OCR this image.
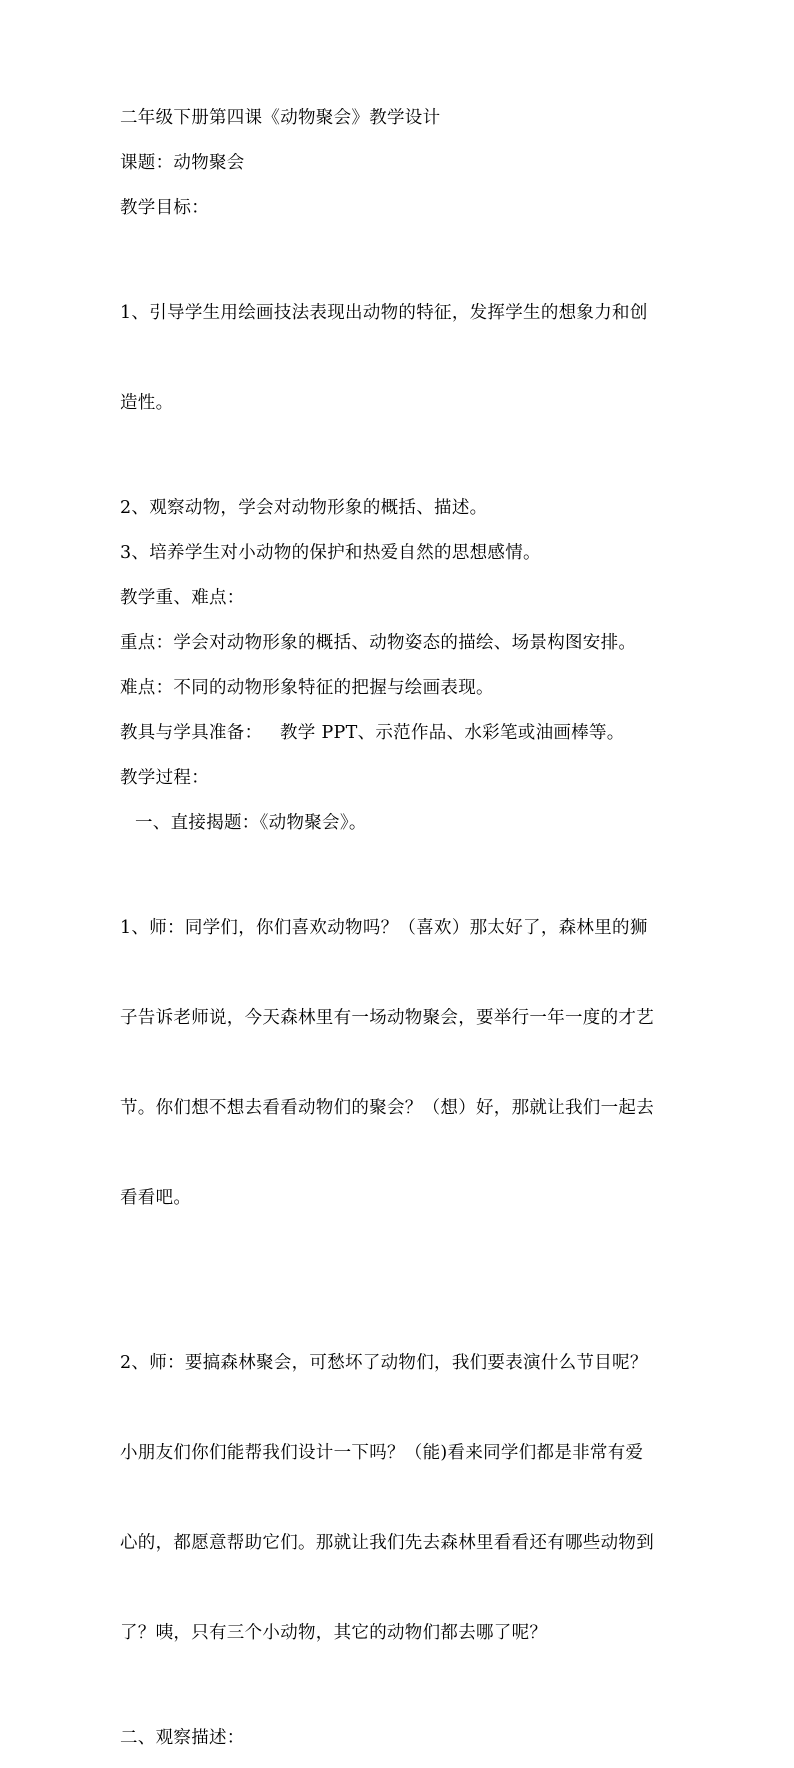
二年级下册第四课《动物聚会》教学设计

课题：动物聚会

教学目标：

1、引导学生用绘画技法表现出动物的特征，发挥学生的想象力和创

造性。

2、观察动物，学会对动物形象的概括、描述。

3、培养学生对小动物的保护和热爱自然的思想感情。

教学重、难点：

重点：学会对动物形象的概括、动物姿态的描绘、场景构图安排。

难点：不同的动物形象特征的把握与绘画表现。

教具与学具准备：   教学 PPT、示范作品、水彩笔或油画棒等。

教学过程：

一、直接揭题：《动物聚会》。

1、师：同学们，你们喜欢动物吗？（喜欢）那太好了，森林里的狮

子告诉老师说，今天森林里有一场动物聚会，要举行一年一度的才艺

节。你们想不想去看看动物们的聚会？（想）好，那就让我们一起去

看看吧。

2、师：要搞森林聚会，可愁坏了动物们，我们要表演什么节目呢？

小朋友们你们能帮我们设计一下吗？（能)看来同学们都是非常有爱

心的，都愿意帮助它们。那就让我们先去森林里看看还有哪些动物到

了？咦，只有三个小动物，其它的动物们都去哪了呢？

二、观察描述：
